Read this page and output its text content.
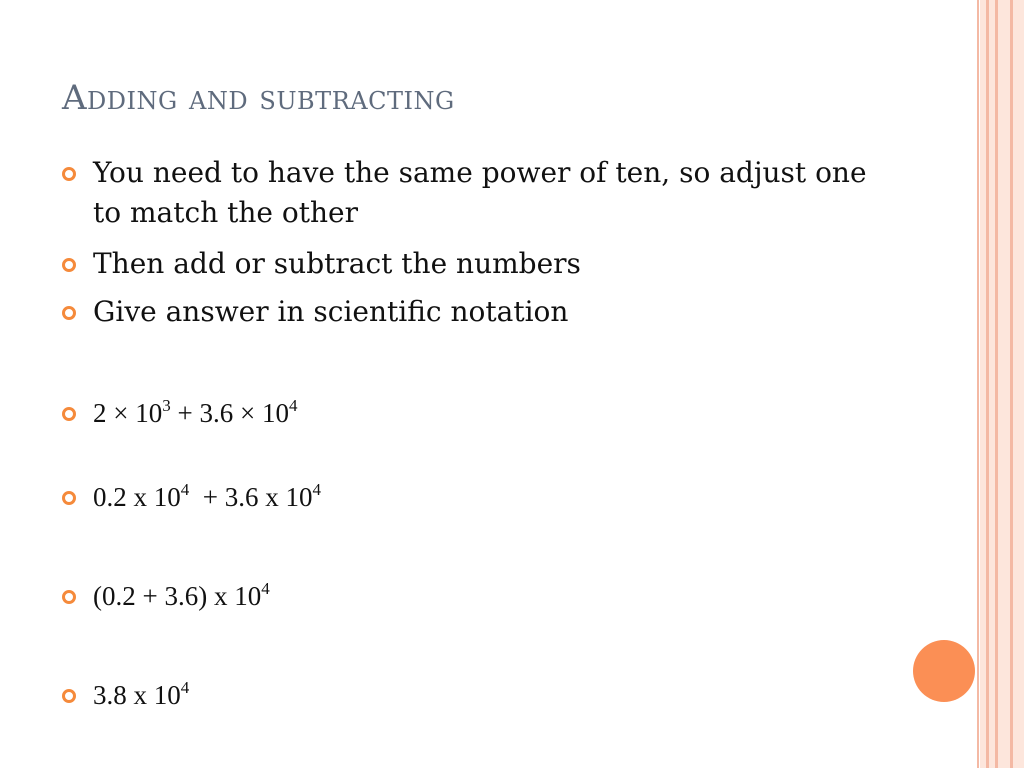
Adding and subtracting
You need to have the same power of ten, so adjust one to match the other
Then add or subtract the numbers
Give answer in scientific notation
$2 \times 10^3 + 3.6 \times 10^4$
0.2 x $10^4 + 3.6$ x $10^4$
(0.2 + 3.6) x $10^4$
3.8 x $10^4$
